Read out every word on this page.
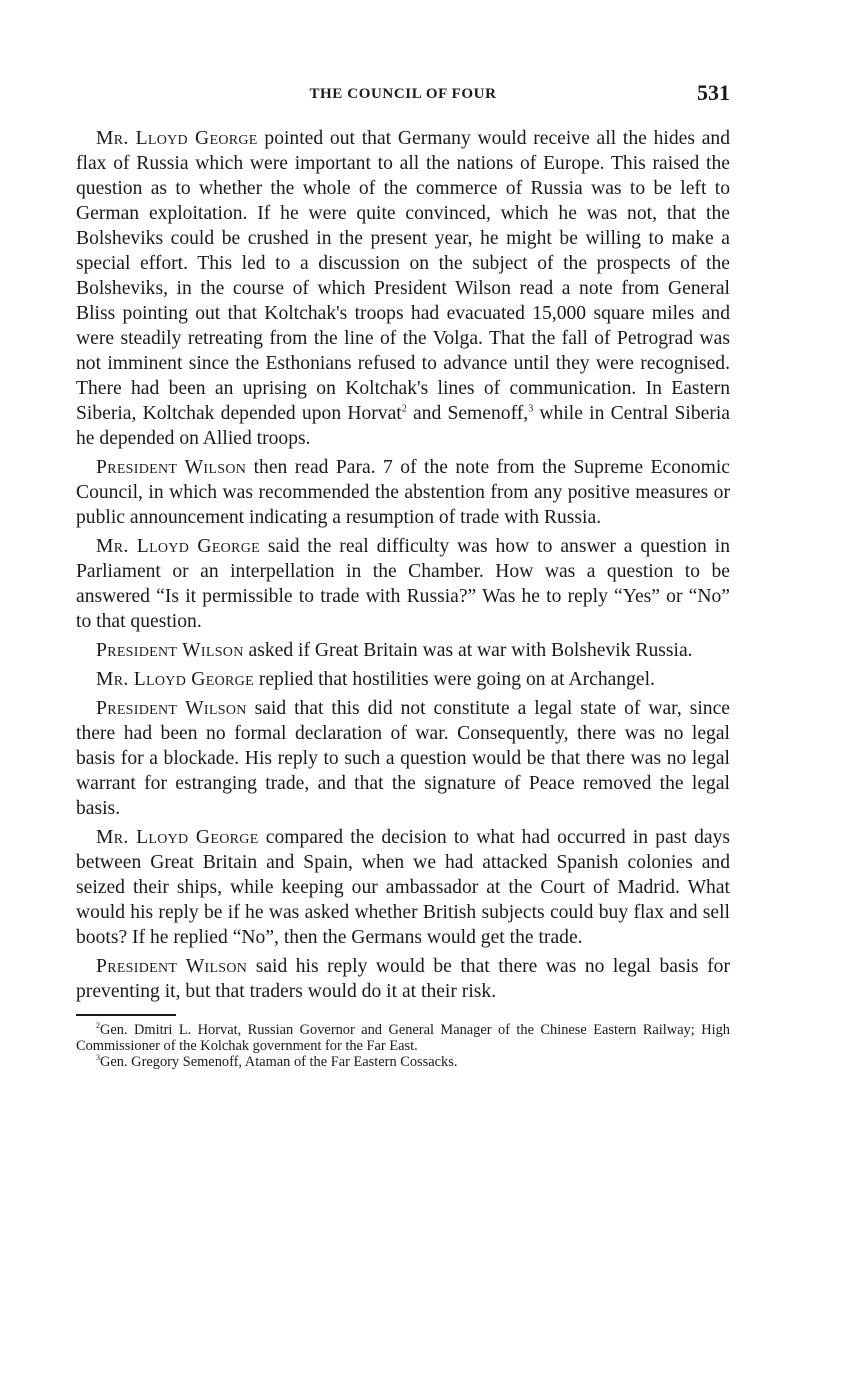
THE COUNCIL OF FOUR	531

Mr. Lloyd George pointed out that Germany would receive all the hides and flax of Russia which were important to all the nations of Europe. This raised the question as to whether the whole of the commerce of Russia was to be left to German exploitation. If he were quite convinced, which he was not, that the Bolsheviks could be crushed in the present year, he might be willing to make a special effort. This led to a discussion on the subject of the prospects of the Bolsheviks, in the course of which President Wilson read a note from General Bliss pointing out that Koltchak's troops had evacuated 15,000 square miles and were steadily retreating from the line of the Volga. That the fall of Petrograd was not imminent since the Esthonians refused to advance until they were recognised. There had been an uprising on Koltchak's lines of communication. In Eastern Siberia, Koltchak depended upon Horvat$^2$ and Semenoff,$^3$ while in Central Siberia he depended on Allied troops.

President Wilson then read Para. 7 of the note from the Supreme Economic Council, in which was recommended the abstention from any positive measures or public announcement indicating a resumption of trade with Russia.

Mr. Lloyd George said the real difficulty was how to answer a question in Parliament or an interpellation in the Chamber. How was a question to be answered “Is it permissible to trade with Russia?” Was he to reply “Yes” or “No” to that question.

President Wilson asked if Great Britain was at war with Bolshevik Russia.

Mr. Lloyd George replied that hostilities were going on at Archangel.

President Wilson said that this did not constitute a legal state of war, since there had been no formal declaration of war. Consequently, there was no legal basis for a blockade. His reply to such a question would be that there was no legal warrant for estranging trade, and that the signature of Peace removed the legal basis.

Mr. Lloyd George compared the decision to what had occurred in past days between Great Britain and Spain, when we had attacked Spanish colonies and seized their ships, while keeping our ambassador at the Court of Madrid. What would his reply be if he was asked whether British subjects could buy flax and sell boots? If he replied “No”, then the Germans would get the trade.

President Wilson said his reply would be that there was no legal basis for preventing it, but that traders would do it at their risk.

$^2$Gen. Dmitri L. Horvat, Russian Governor and General Manager of the Chinese Eastern Railway; High Commissioner of the Kolchak government for the Far East.

$^3$Gen. Gregory Semenoff, Ataman of the Far Eastern Cossacks.
